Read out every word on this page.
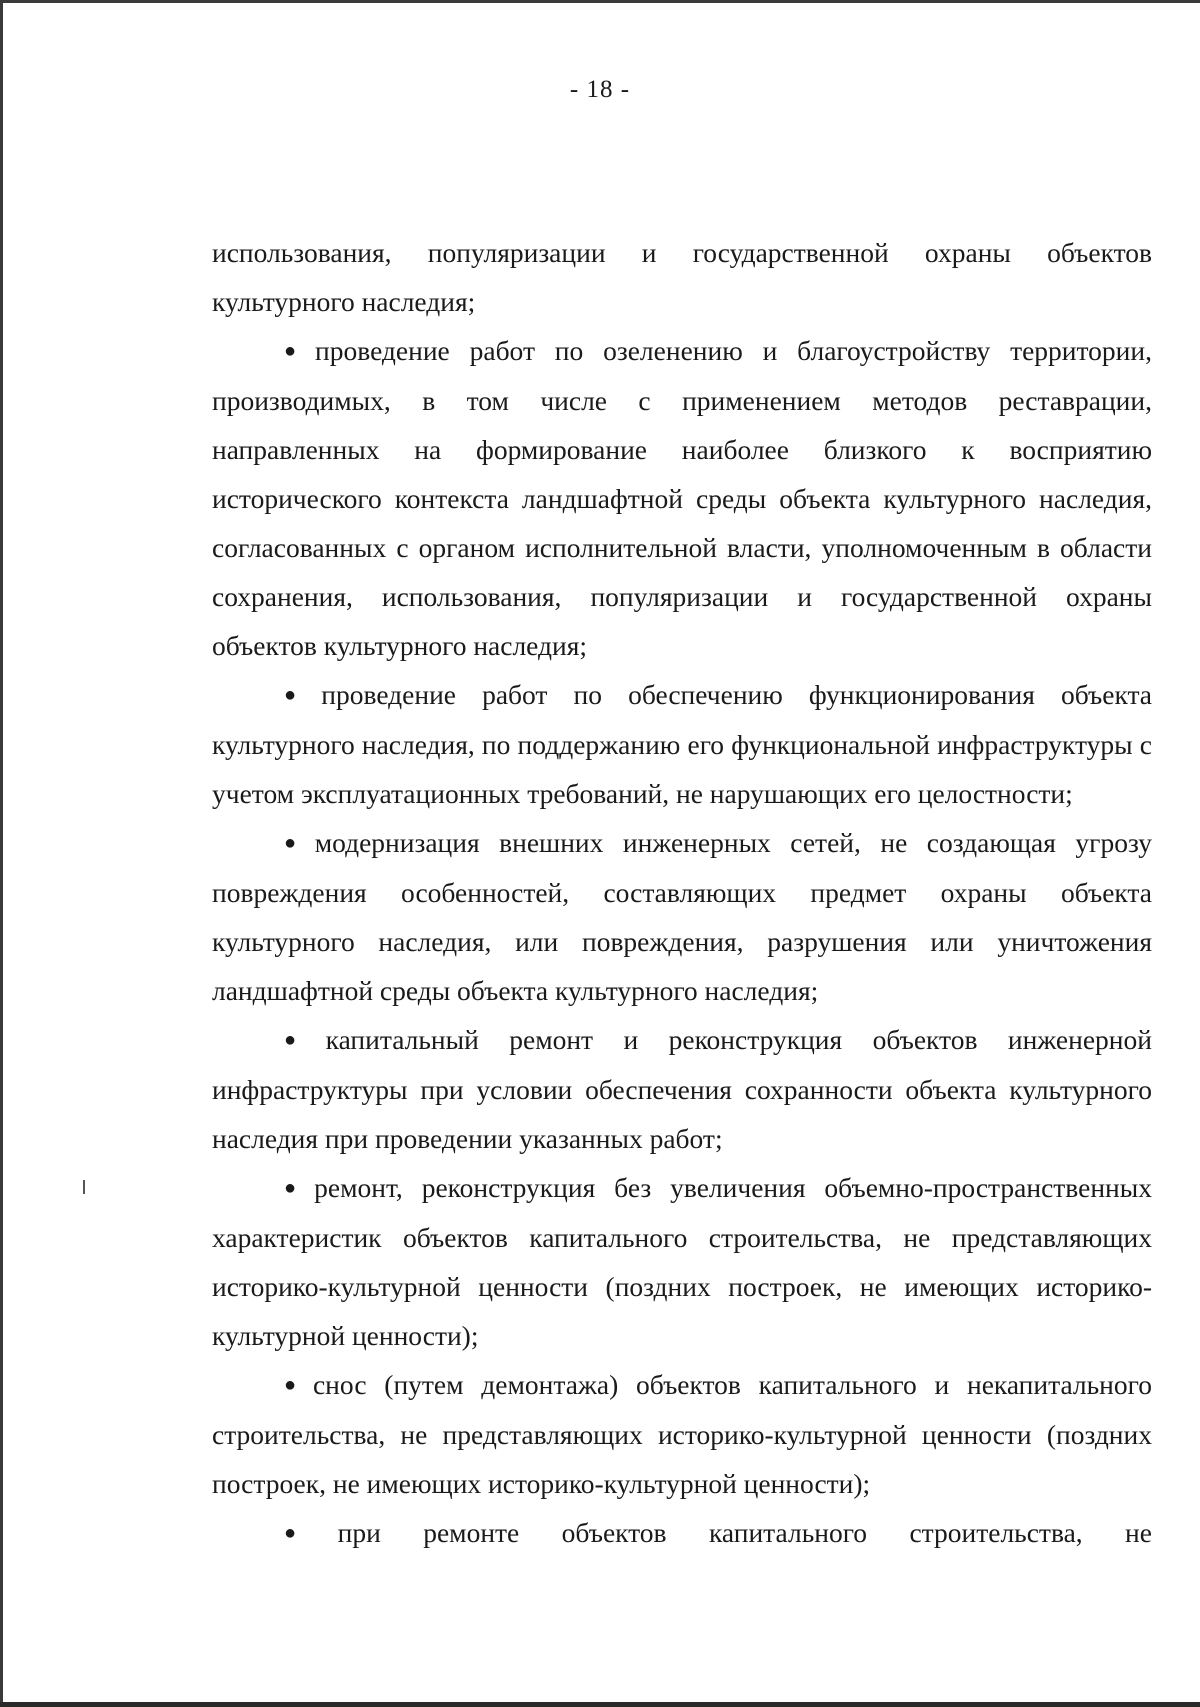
- 18 -

использования, популяризации и государственной охраны объектов культурного наследия;

● проведение работ по озеленению и благоустройству территории, производимых, в том числе с применением методов реставрации, направленных на формирование наиболее близкого к восприятию исторического контекста ландшафтной среды объекта культурного наследия, согласованных с органом исполнительной власти, уполномоченным в области сохранения, использования, популяризации и государственной охраны объектов культурного наследия;

● проведение работ по обеспечению функционирования объекта культурного наследия, по поддержанию его функциональной инфраструктуры с учетом эксплуатационных требований, не нарушающих его целостности;

● модернизация внешних инженерных сетей, не создающая угрозу повреждения особенностей, составляющих предмет охраны объекта культурного наследия, или повреждения, разрушения или уничтожения ландшафтной среды объекта культурного наследия;

● капитальный ремонт и реконструкция объектов инженерной инфраструктуры при условии обеспечения сохранности объекта культурного наследия при проведении указанных работ;

● ремонт, реконструкция без увеличения объемно-пространственных характеристик объектов капитального строительства, не представляющих историко-культурной ценности (поздних построек, не имеющих историко-культурной ценности);

● снос (путем демонтажа) объектов капитального и некапитального строительства, не представляющих историко-культурной ценности (поздних построек, не имеющих историко-культурной ценности);

● при ремонте объектов капитального строительства, не
